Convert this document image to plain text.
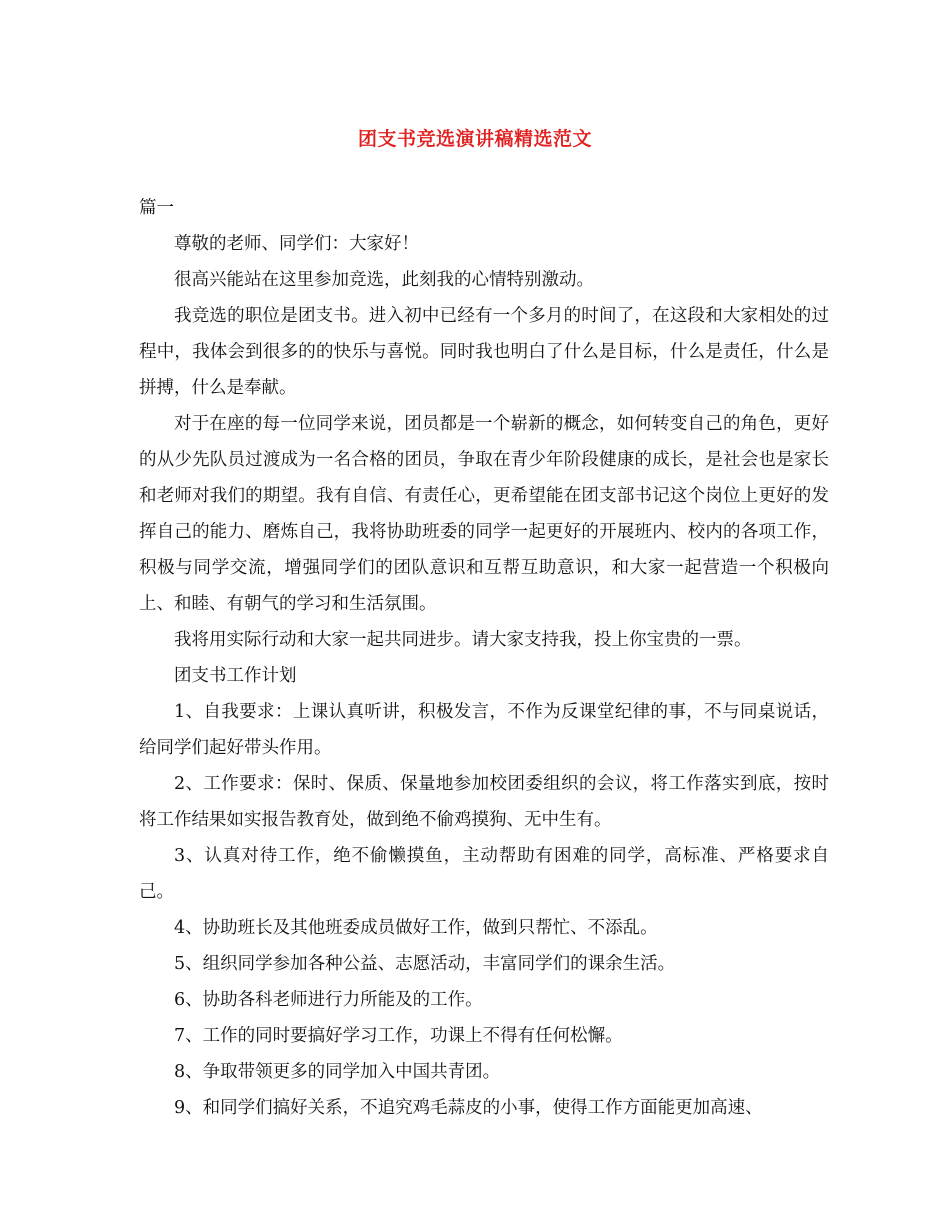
团支书竞选演讲稿精选范文

篇一

尊敬的老师、同学们：大家好！

很高兴能站在这里参加竞选，此刻我的心情特别激动。

我竞选的职位是团支书。进入初中已经有一个多月的时间了，在这段和大家相处的过程中，我体会到很多的的快乐与喜悦。同时我也明白了什么是目标，什么是责任，什么是拼搏，什么是奉献。

对于在座的每一位同学来说，团员都是一个崭新的概念，如何转变自己的角色，更好的从少先队员过渡成为一名合格的团员，争取在青少年阶段健康的成长，是社会也是家长和老师对我们的期望。我有自信、有责任心，更希望能在团支部书记这个岗位上更好的发挥自己的能力、磨炼自己，我将协助班委的同学一起更好的开展班内、校内的各项工作，积极与同学交流，增强同学们的团队意识和互帮互助意识，和大家一起营造一个积极向上、和睦、有朝气的学习和生活氛围。

我将用实际行动和大家一起共同进步。请大家支持我，投上你宝贵的一票。

团支书工作计划

1、自我要求：上课认真听讲，积极发言，不作为反课堂纪律的事，不与同桌说话，给同学们起好带头作用。

2、工作要求：保时、保质、保量地参加校团委组织的会议，将工作落实到底，按时将工作结果如实报告教育处，做到绝不偷鸡摸狗、无中生有。

3、认真对待工作，绝不偷懒摸鱼，主动帮助有困难的同学，高标准、严格要求自己。

4、协助班长及其他班委成员做好工作，做到只帮忙、不添乱。

5、组织同学参加各种公益、志愿活动，丰富同学们的课余生活。

6、协助各科老师进行力所能及的工作。

7、工作的同时要搞好学习工作，功课上不得有任何松懈。

8、争取带领更多的同学加入中国共青团。

9、和同学们搞好关系，不追究鸡毛蒜皮的小事，使得工作方面能更加高速、
